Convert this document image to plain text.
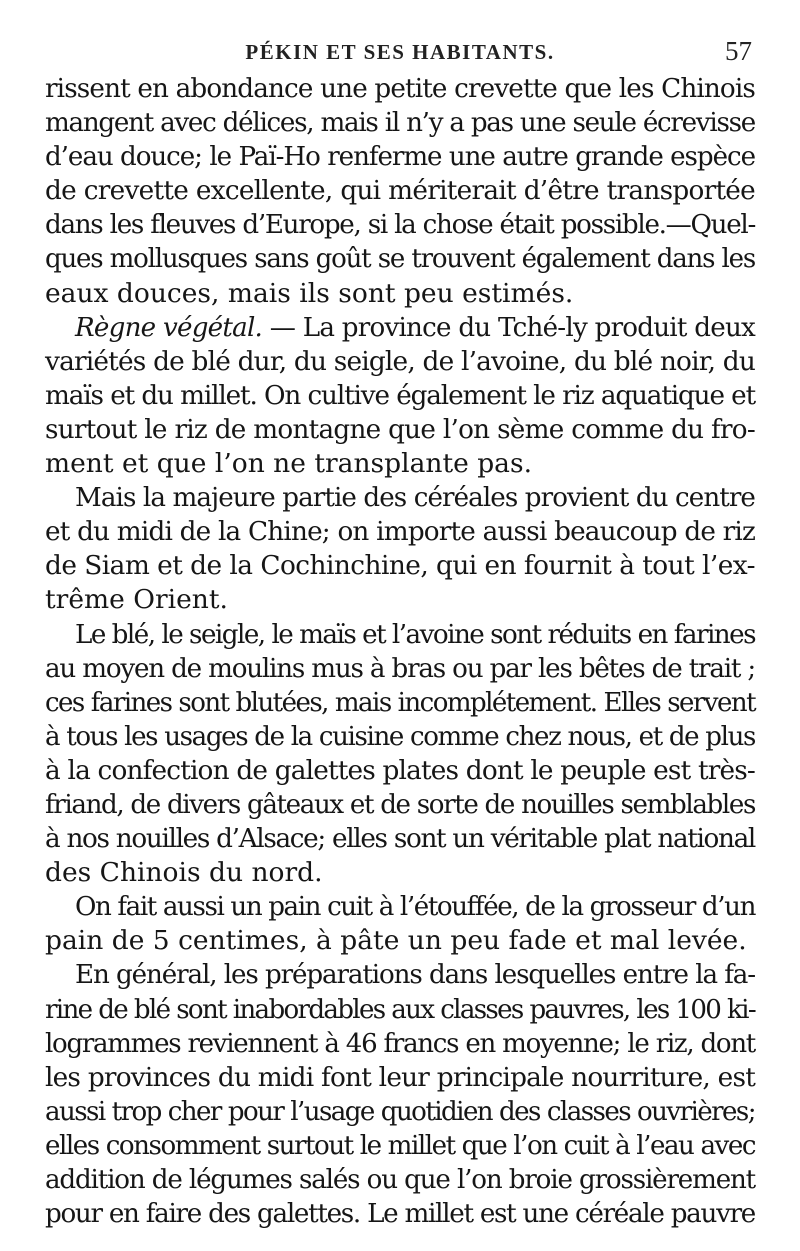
PÉKIN ET SES HABITANTS.	57
rissent en abondance une petite crevette que les Chinois
mangent avec délices, mais il n’y a pas une seule écrevisse
d’eau douce; le Paï-Ho renferme une autre grande espèce
de crevette excellente, qui mériterait d’être transportée
dans les fleuves d’Europe, si la chose était possible.—Quel-
ques mollusques sans goût se trouvent également dans les
eaux douces, mais ils sont peu estimés.
Règne végétal. — La province du Tché-ly produit deux
variétés de blé dur, du seigle, de l’avoine, du blé noir, du
maïs et du millet. On cultive également le riz aquatique et
surtout le riz de montagne que l’on sème comme du fro-
ment et que l’on ne transplante pas.
Mais la majeure partie des céréales provient du centre
et du midi de la Chine; on importe aussi beaucoup de riz
de Siam et de la Cochinchine, qui en fournit à tout l’ex-
trême Orient.
Le blé, le seigle, le maïs et l’avoine sont réduits en farines
au moyen de moulins mus à bras ou par les bêtes de trait ;
ces farines sont blutées, mais incomplétement. Elles servent
à tous les usages de la cuisine comme chez nous, et de plus
à la confection de galettes plates dont le peuple est très-
friand, de divers gâteaux et de sorte de nouilles semblables
à nos nouilles d’Alsace; elles sont un véritable plat national
des Chinois du nord.
On fait aussi un pain cuit à l’étouffée, de la grosseur d’un
pain de 5 centimes, à pâte un peu fade et mal levée.
En général, les préparations dans lesquelles entre la fa-
rine de blé sont inabordables aux classes pauvres, les 100 ki-
logrammes reviennent à 46 francs en moyenne; le riz, dont
les provinces du midi font leur principale nourriture, est
aussi trop cher pour l’usage quotidien des classes ouvrières;
elles consomment surtout le millet que l’on cuit à l’eau avec
addition de légumes salés ou que l’on broie grossièrement
pour en faire des galettes. Le millet est une céréale pauvre
